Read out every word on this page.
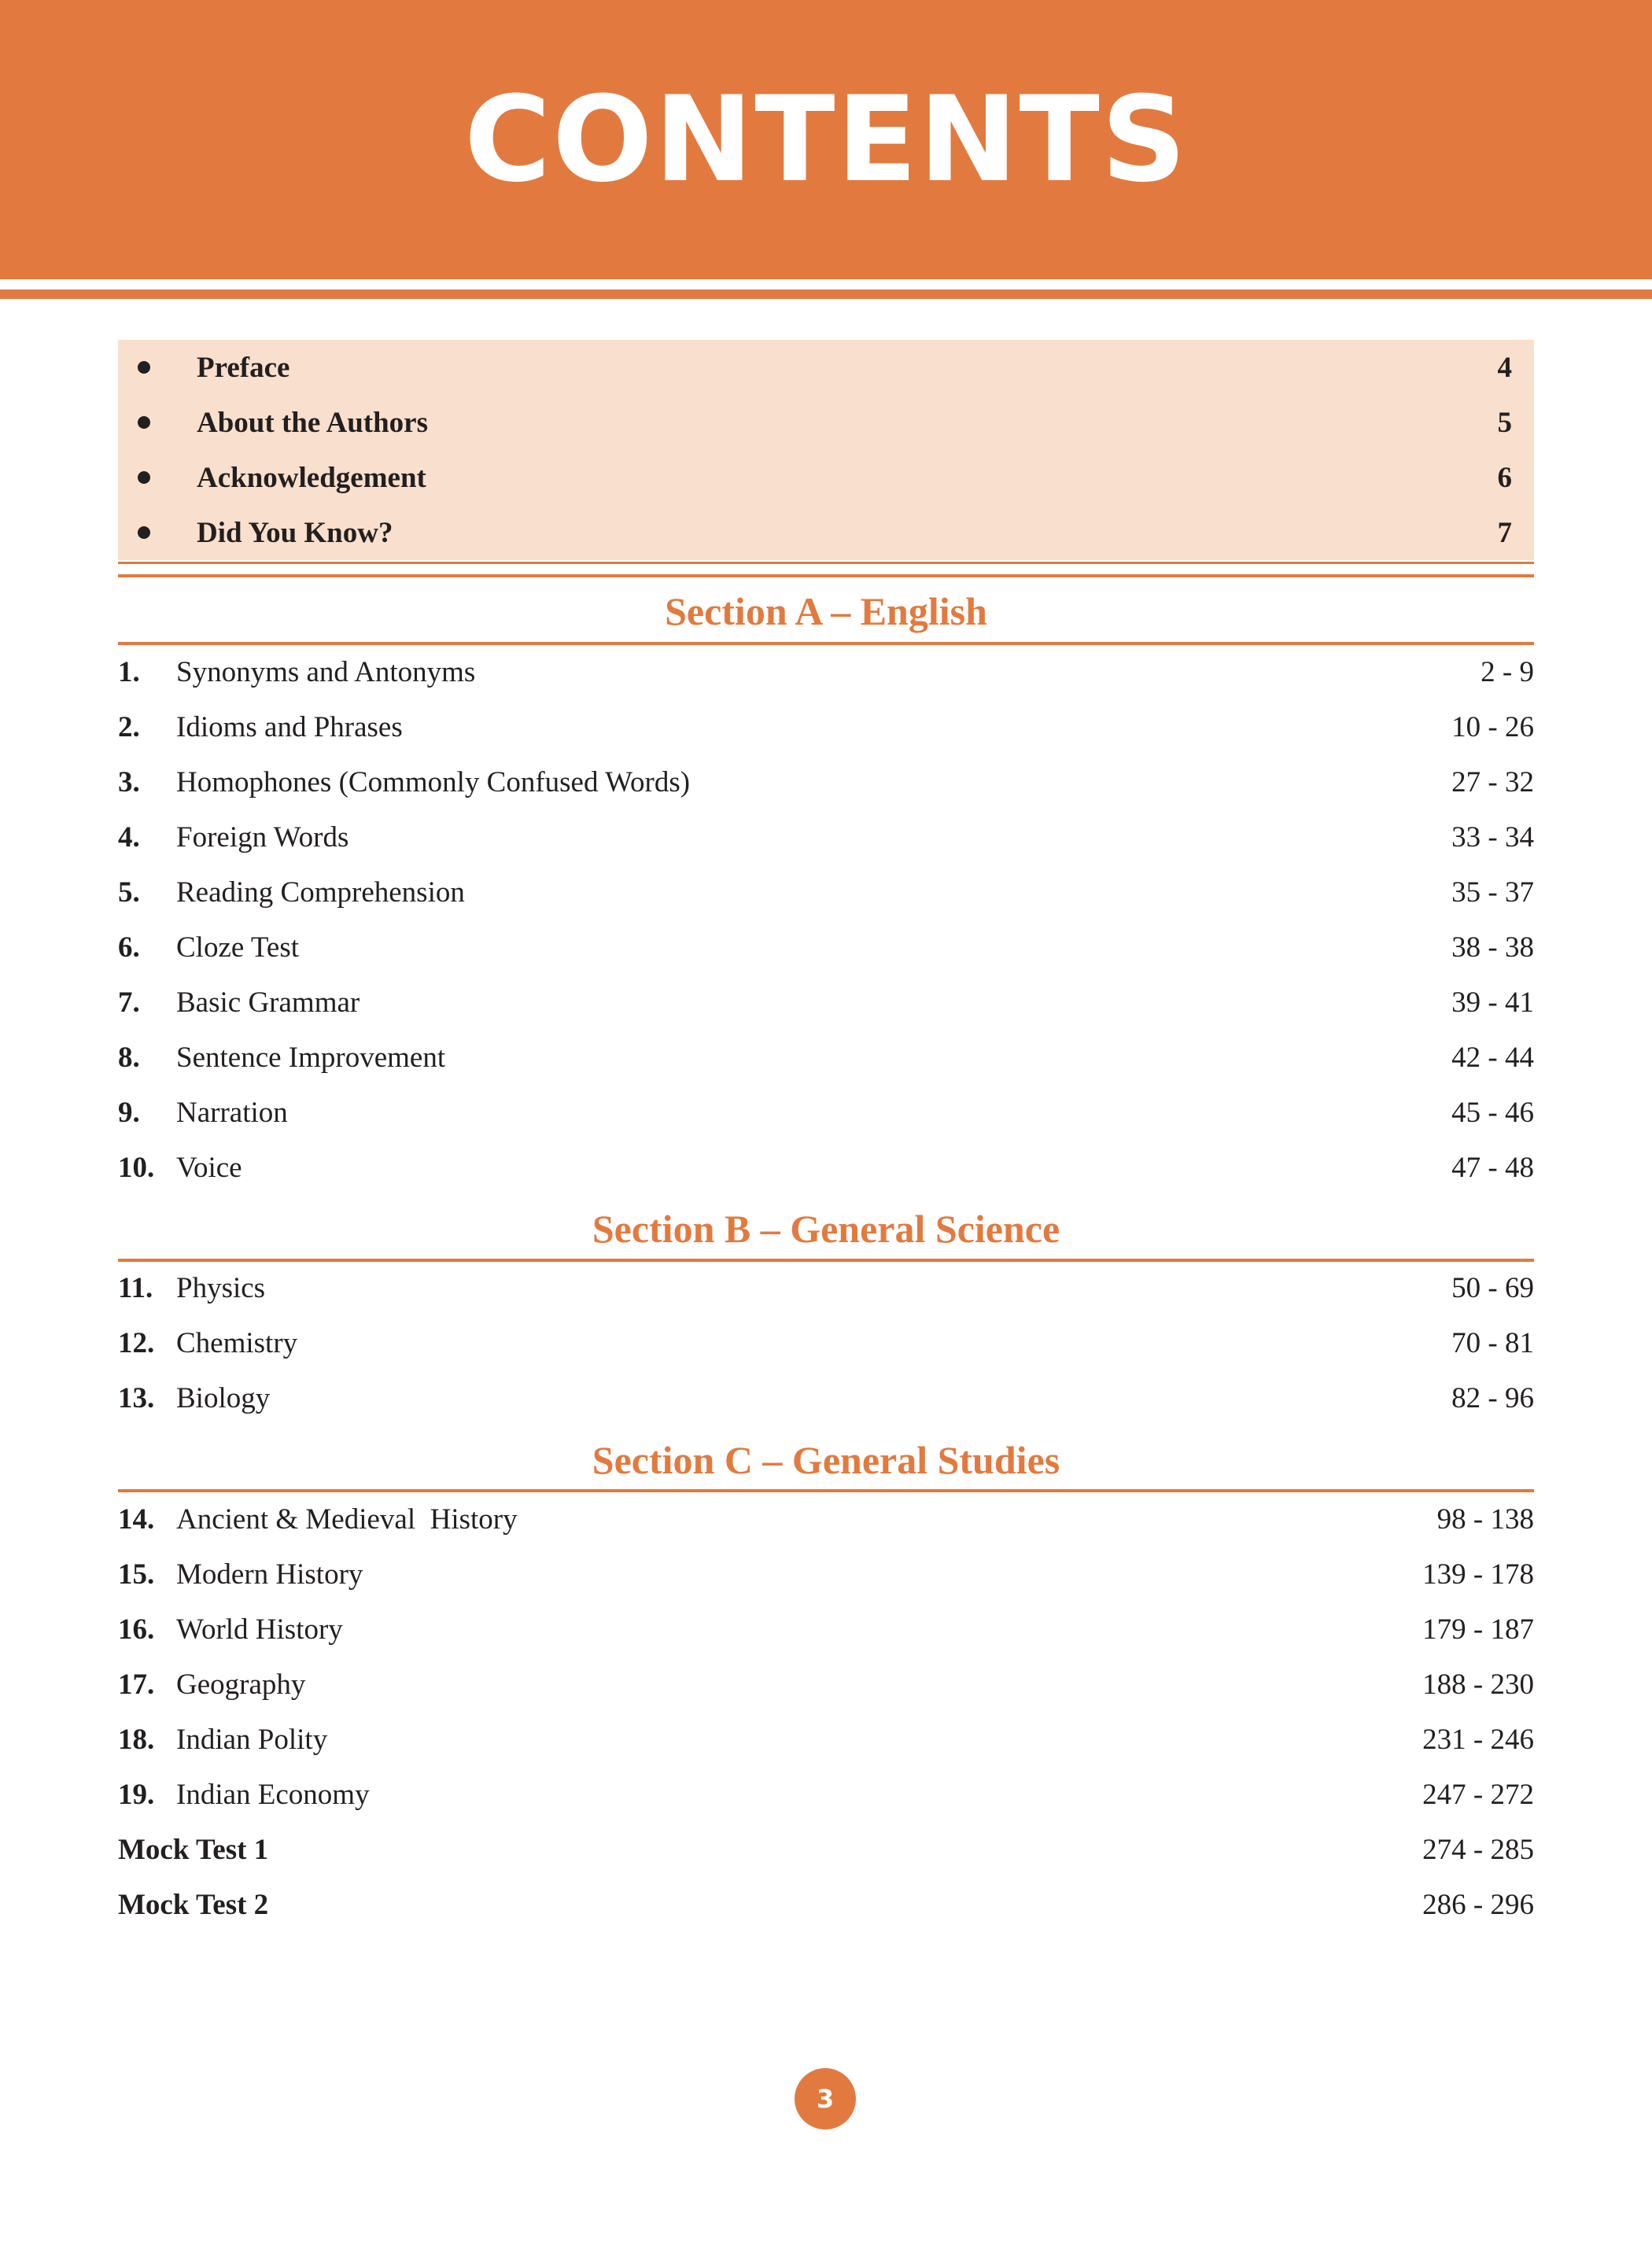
CONTENTS
Preface	4
About the Authors	5
Acknowledgement	6
Did You Know?	7
Section A – English
1. Synonyms and Antonyms	2 - 9
2. Idioms and Phrases	10 - 26
3. Homophones (Commonly Confused Words)	27 - 32
4. Foreign Words	33 - 34
5. Reading Comprehension	35 - 37
6. Cloze Test	38 - 38
7. Basic Grammar	39 - 41
8. Sentence Improvement	42 - 44
9. Narration	45 - 46
10. Voice	47 - 48
Section B – General Science
11. Physics	50 - 69
12. Chemistry	70 - 81
13. Biology	82 - 96
Section C – General Studies
14. Ancient & Medieval  History	98 - 138
15. Modern History	139 - 178
16. World History	179 - 187
17. Geography	188 - 230
18. Indian Polity	231 - 246
19. Indian Economy	247 - 272
Mock Test 1	274 - 285
Mock Test 2	286 - 296
3
